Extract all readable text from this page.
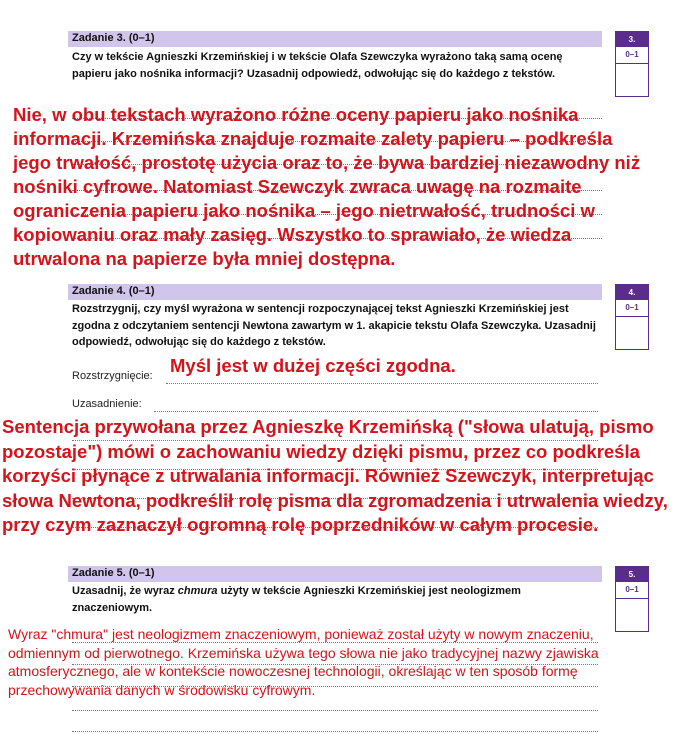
Zadanie 3. (0–1)
Czy w tekście Agnieszki Krzemińskiej i w tekście Olafa Szewczyka wyrażono taką samą ocenę papieru jako nośnika informacji? Uzasadnij odpowiedź, odwołując się do każdego z tekstów.
3.
0–1
Nie, w obu tekstach wyrażono różne oceny papieru jako nośnika informacji. Krzemińska znajduje rozmaite zalety papieru – podkreśla jego trwałość, prostotę użycia oraz to, że bywa bardziej niezawodny niż nośniki cyfrowe. Natomiast Szewczyk zwraca uwagę na rozmaite ograniczenia papieru jako nośnika – jego nietrwałość, trudności w kopiowaniu oraz mały zasięg. Wszystko to sprawiało, że wiedza utrwalona na papierze była mniej dostępna.
Zadanie 4. (0–1)
Rozstrzygnij, czy myśl wyrażona w sentencji rozpoczynającej tekst Agnieszki Krzemińskiej jest zgodna z odczytaniem sentencji Newtona zawartym w 1. akapicie tekstu Olafa Szewczyka. Uzasadnij odpowiedź, odwołując się do każdego z tekstów.
4.
0–1
Rozstrzygnięcie: Myśl jest w dużej części zgodna.
Uzasadnienie:
Sentencja przywołana przez Agnieszkę Krzemińską ("słowa ulatują, pismo pozostaje") mówi o zachowaniu wiedzy dzięki pismu, przez co podkreśla korzyści płynące z utrwalania informacji. Również Szewczyk, interpretując słowa Newtona, podkreślił rolę pisma dla zgromadzenia i utrwalenia wiedzy, przy czym zaznaczył ogromną rolę poprzedników w całym procesie.
Zadanie 5. (0–1)
Uzasadnij, że wyraz chmura użyty w tekście Agnieszki Krzemińskiej jest neologizmem znaczeniowym.
5.
0–1
Wyraz "chmura" jest neologizmem znaczeniowym, ponieważ został użyty w nowym znaczeniu, odmiennym od pierwotnego. Krzemińska używa tego słowa nie jako tradycyjnej nazwy zjawiska atmosferycznego, ale w kontekście nowoczesnej technologii, określając w ten sposób formę przechowywania danych w środowisku cyfrowym.
